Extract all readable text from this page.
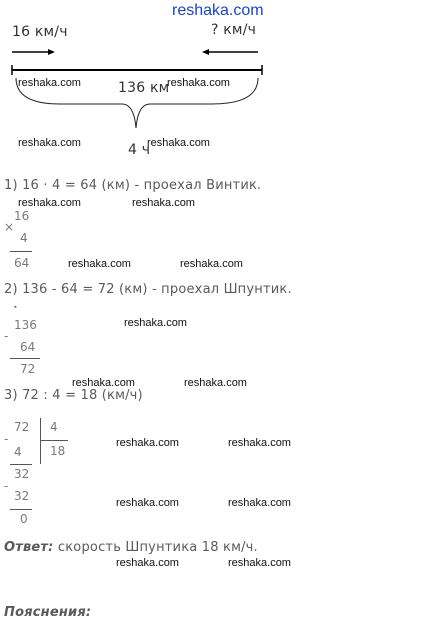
reshaka.com
16 км/ч	? км/ч
136 км
4 ч
reshaka.com	reshaka.com
reshaka.com	reshaka.com
1) 16 · 4 = 64 (км) - проехал Винтик.
reshaka.com	reshaka.com
×
16
4
64	reshaka.com	reshaka.com
2) 136 - 64 = 72 (км) - проехал Шпунтик.
•
-
136
64
72
reshaka.com
reshaka.com	reshaka.com
3) 72 : 4 = 18 (км/ч)
-
72
4
4
18
reshaka.com	reshaka.com
-
32
32
0
reshaka.com	reshaka.com
Ответ: скорость Шпунтика 18 км/ч.
reshaka.com	reshaka.com
Пояснения:
